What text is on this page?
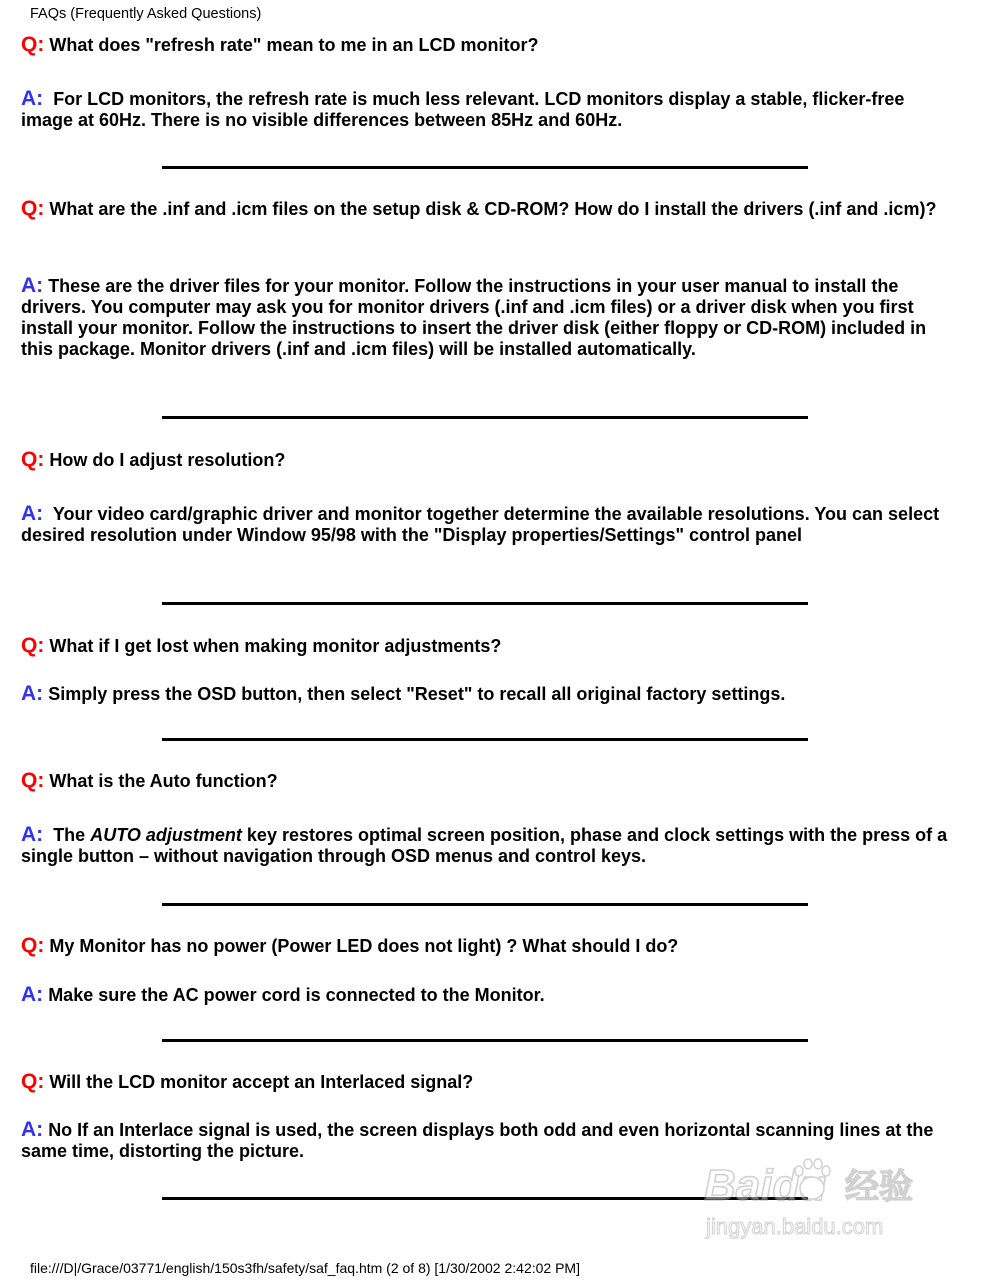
FAQs (Frequently Asked Questions)

Q: What does "refresh rate" mean to me in an LCD monitor?

A: For LCD monitors, the refresh rate is much less relevant. LCD monitors display a stable, flicker-free image at 60Hz. There is no visible differences between 85Hz and 60Hz.

Q: What are the .inf and .icm files on the setup disk & CD-ROM? How do I install the drivers (.inf and .icm)?

A: These are the driver files for your monitor. Follow the instructions in your user manual to install the drivers. You computer may ask you for monitor drivers (.inf and .icm files) or a driver disk when you first install your monitor. Follow the instructions to insert the driver disk (either floppy or CD-ROM) included in this package. Monitor drivers (.inf and .icm files) will be installed automatically.

Q: How do I adjust resolution?

A: Your video card/graphic driver and monitor together determine the available resolutions. You can select desired resolution under Window 95/98 with the "Display properties/Settings" control panel

Q: What if I get lost when making monitor adjustments?

A: Simply press the OSD button, then select "Reset" to recall all original factory settings.

Q: What is the Auto function?

A: The AUTO adjustment key restores optimal screen position, phase and clock settings with the press of a single button – without navigation through OSD menus and control keys.

Q: My Monitor has no power (Power LED does not light) ? What should I do?

A: Make sure the AC power cord is connected to the Monitor.

Q: Will the LCD monitor accept an Interlaced signal?

A: No If an Interlace signal is used, the screen displays both odd and even horizontal scanning lines at the same time, distorting the picture.

Baidu 经验
jingyan.baidu.com
file:///D|/Grace/03771/english/150s3fh/safety/saf_faq.htm (2 of 8) [1/30/2002 2:42:02 PM]
